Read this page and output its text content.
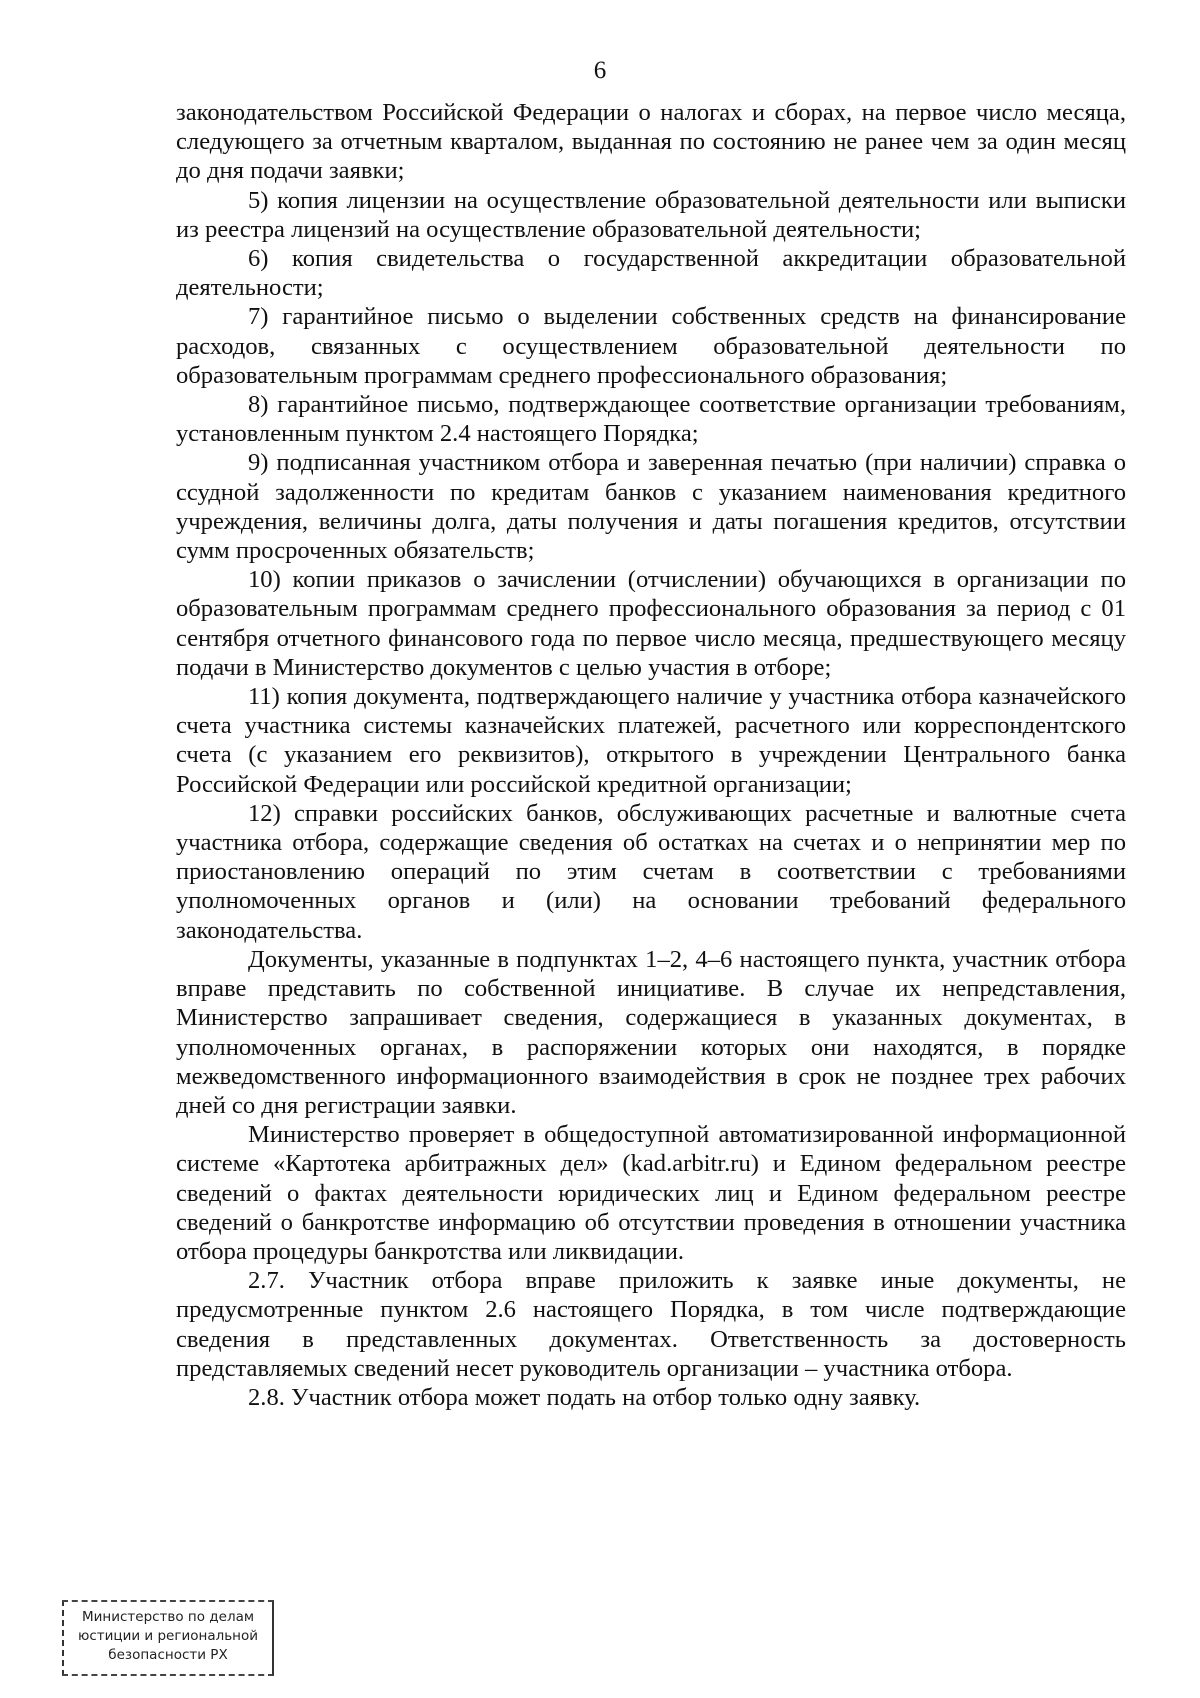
6

законодательством Российской Федерации о налогах и сборах, на первое число месяца, следующего за отчетным кварталом, выданная по состоянию не ранее чем за один месяц до дня подачи заявки;

5) копия лицензии на осуществление образовательной деятельности или выписки из реестра лицензий на осуществление образовательной деятельности;

6) копия свидетельства о государственной аккредитации образовательной деятельности;

7) гарантийное письмо о выделении собственных средств на финансирование расходов, связанных с осуществлением образовательной деятельности по образовательным программам среднего профессионального образования;

8) гарантийное письмо, подтверждающее соответствие организации требованиям, установленным пунктом 2.4 настоящего Порядка;

9) подписанная участником отбора и заверенная печатью (при наличии) справка о ссудной задолженности по кредитам банков с указанием наименования кредитного учреждения, величины долга, даты получения и даты погашения кредитов, отсутствии сумм просроченных обязательств;

10) копии приказов о зачислении (отчислении) обучающихся в организации по образовательным программам среднего профессионального образования за период с 01 сентября отчетного финансового года по первое число месяца, предшествующего месяцу подачи в Министерство документов с целью участия в отборе;

11) копия документа, подтверждающего наличие у участника отбора казначейского счета участника системы казначейских платежей, расчетного или корреспондентского счета (с указанием его реквизитов), открытого в учреждении Центрального банка Российской Федерации или российской кредитной организации;

12) справки российских банков, обслуживающих расчетные и валютные счета участника отбора, содержащие сведения об остатках на счетах и о непринятии мер по приостановлению операций по этим счетам в соответствии с требованиями уполномоченных органов и (или) на основании требований федерального законодательства.

Документы, указанные в подпунктах 1–2, 4–6 настоящего пункта, участник отбора вправе представить по собственной инициативе. В случае их непредставления, Министерство запрашивает сведения, содержащиеся в указанных документах, в уполномоченных органах, в распоряжении которых они находятся, в порядке межведомственного информационного взаимодействия в срок не позднее трех рабочих дней со дня регистрации заявки.

Министерство проверяет в общедоступной автоматизированной информационной системе «Картотека арбитражных дел» (kad.arbitr.ru) и Едином федеральном реестре сведений о фактах деятельности юридических лиц и Едином федеральном реестре сведений о банкротстве информацию об отсутствии проведения в отношении участника отбора процедуры банкротства или ликвидации.

2.7. Участник отбора вправе приложить к заявке иные документы, не предусмотренные пунктом 2.6 настоящего Порядка, в том числе подтверждающие сведения в представленных документах. Ответственность за достоверность представляемых сведений несет руководитель организации – участника отбора.

2.8. Участник отбора может подать на отбор только одну заявку.

Министерство по делам
юстиции и региональной
безопасности РХ
